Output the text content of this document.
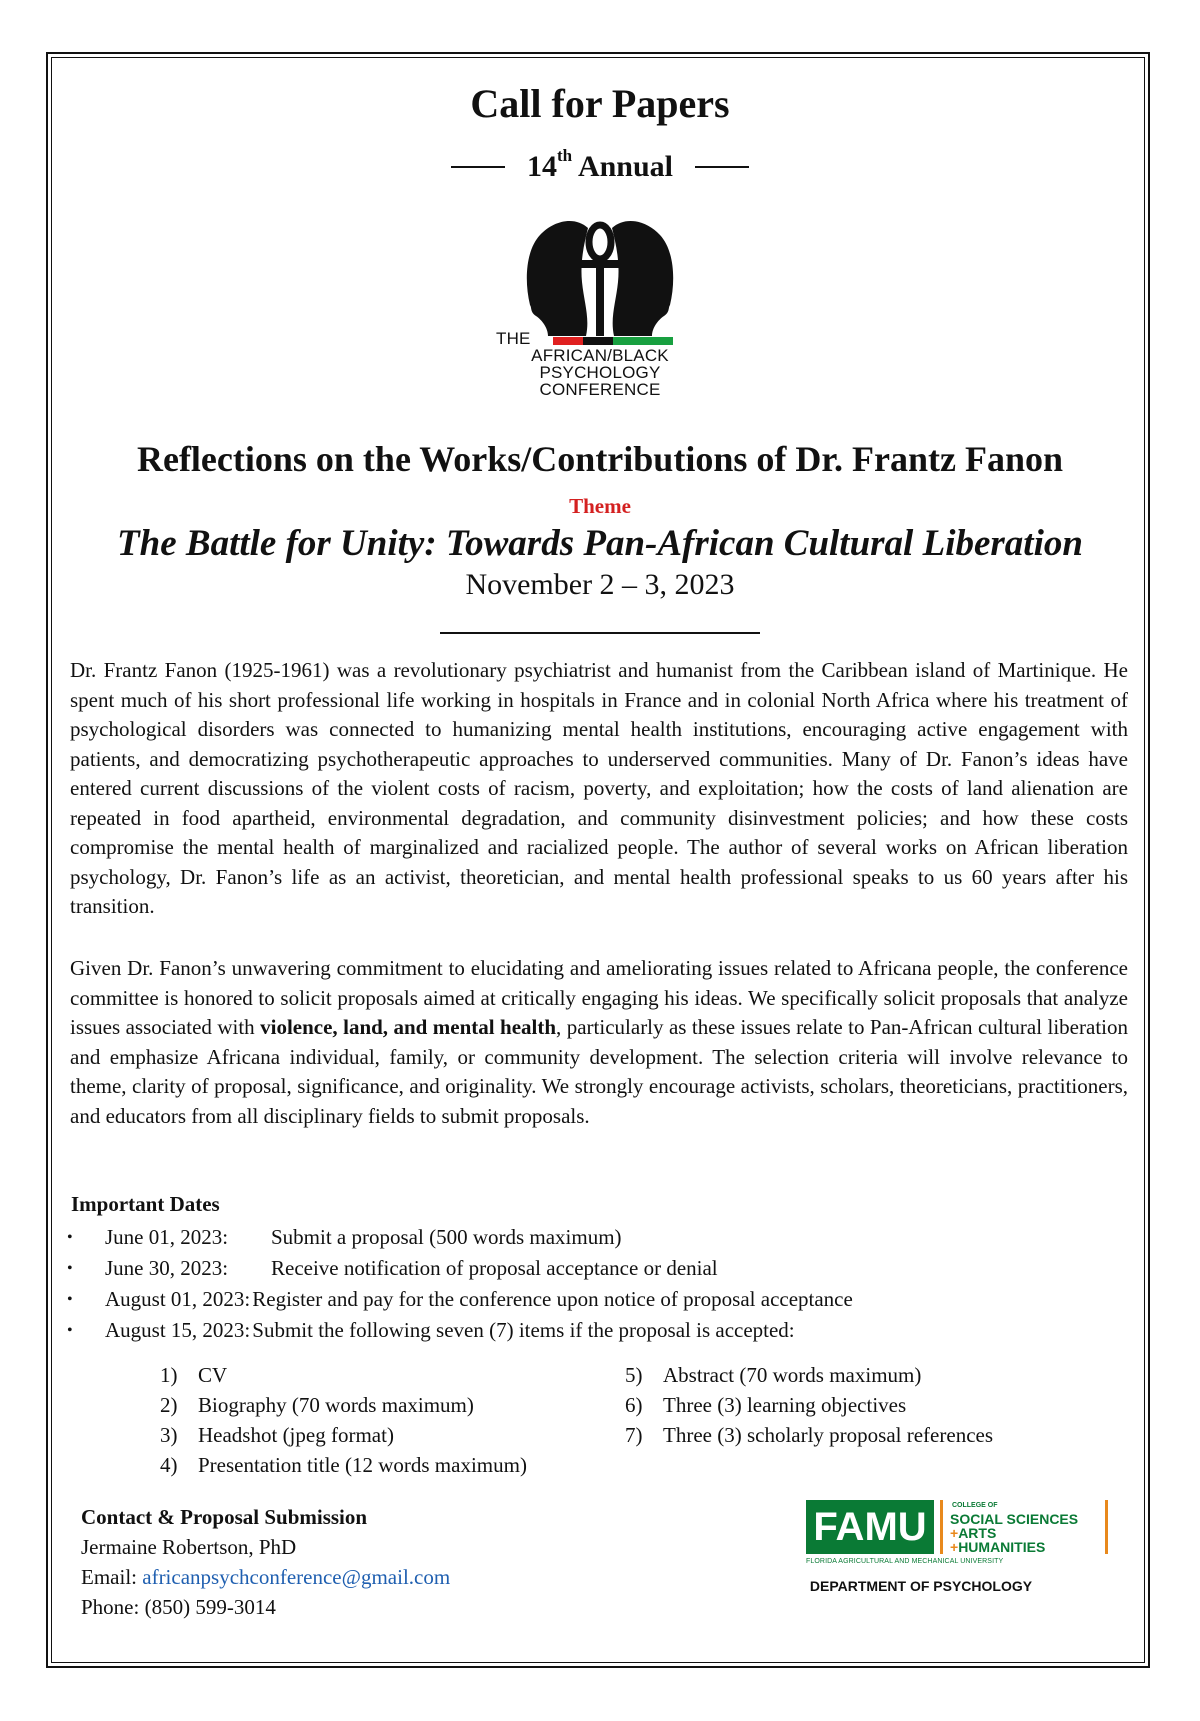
Call for Papers
14th Annual
THE
AFRICAN/BLACK
PSYCHOLOGY
CONFERENCE
Reflections on the Works/Contributions of Dr. Frantz Fanon
Theme
The Battle for Unity: Towards Pan-African Cultural Liberation
November 2 – 3, 2023
Dr. Frantz Fanon (1925-1961) was a revolutionary psychiatrist and humanist from the Caribbean island of Martinique. He spent much of his short professional life working in hospitals in France and in colonial North Africa where his treatment of psychological disorders was connected to humanizing mental health institutions, encouraging active engagement with patients, and democratizing psychotherapeutic approaches to underserved communities. Many of Dr. Fanon’s ideas have entered current discussions of the violent costs of racism, poverty, and exploitation; how the costs of land alienation are repeated in food apartheid, environmental degradation, and community disinvestment policies; and how these costs compromise the mental health of marginalized and racialized people. The author of several works on African liberation psychology, Dr. Fanon’s life as an activist, theoretician, and mental health professional speaks to us 60 years after his transition.
Given Dr. Fanon’s unwavering commitment to elucidating and ameliorating issues related to Africana people, the conference committee is honored to solicit proposals aimed at critically engaging his ideas. We specifically solicit proposals that analyze issues associated with violence, land, and mental health, particularly as these issues relate to Pan-African cultural liberation and emphasize Africana individual, family, or community development. The selection criteria will involve relevance to theme, clarity of proposal, significance, and originality. We strongly encourage activists, scholars, theoreticians, practitioners, and educators from all disciplinary fields to submit proposals.
Important Dates
•	June 01, 2023:	Submit a proposal (500 words maximum)
•	June 30, 2023:	Receive notification of proposal acceptance or denial
•	August 01, 2023: Register and pay for the conference upon notice of proposal acceptance
•	August 15, 2023: Submit the following seven (7) items if the proposal is accepted:
1) CV
2) Biography (70 words maximum)
3) Headshot (jpeg format)
4) Presentation title (12 words maximum)
5) Abstract (70 words maximum)
6) Three (3) learning objectives
7) Three (3) scholarly proposal references
Contact & Proposal Submission
Jermaine Robertson, PhD
Email: africanpsychconference@gmail.com
Phone: (850) 599-3014
FAMU	COLLEGE OF
SOCIAL SCIENCES
+ARTS
+HUMANITIES
FLORIDA AGRICULTURAL AND MECHANICAL UNIVERSITY
DEPARTMENT OF PSYCHOLOGY
